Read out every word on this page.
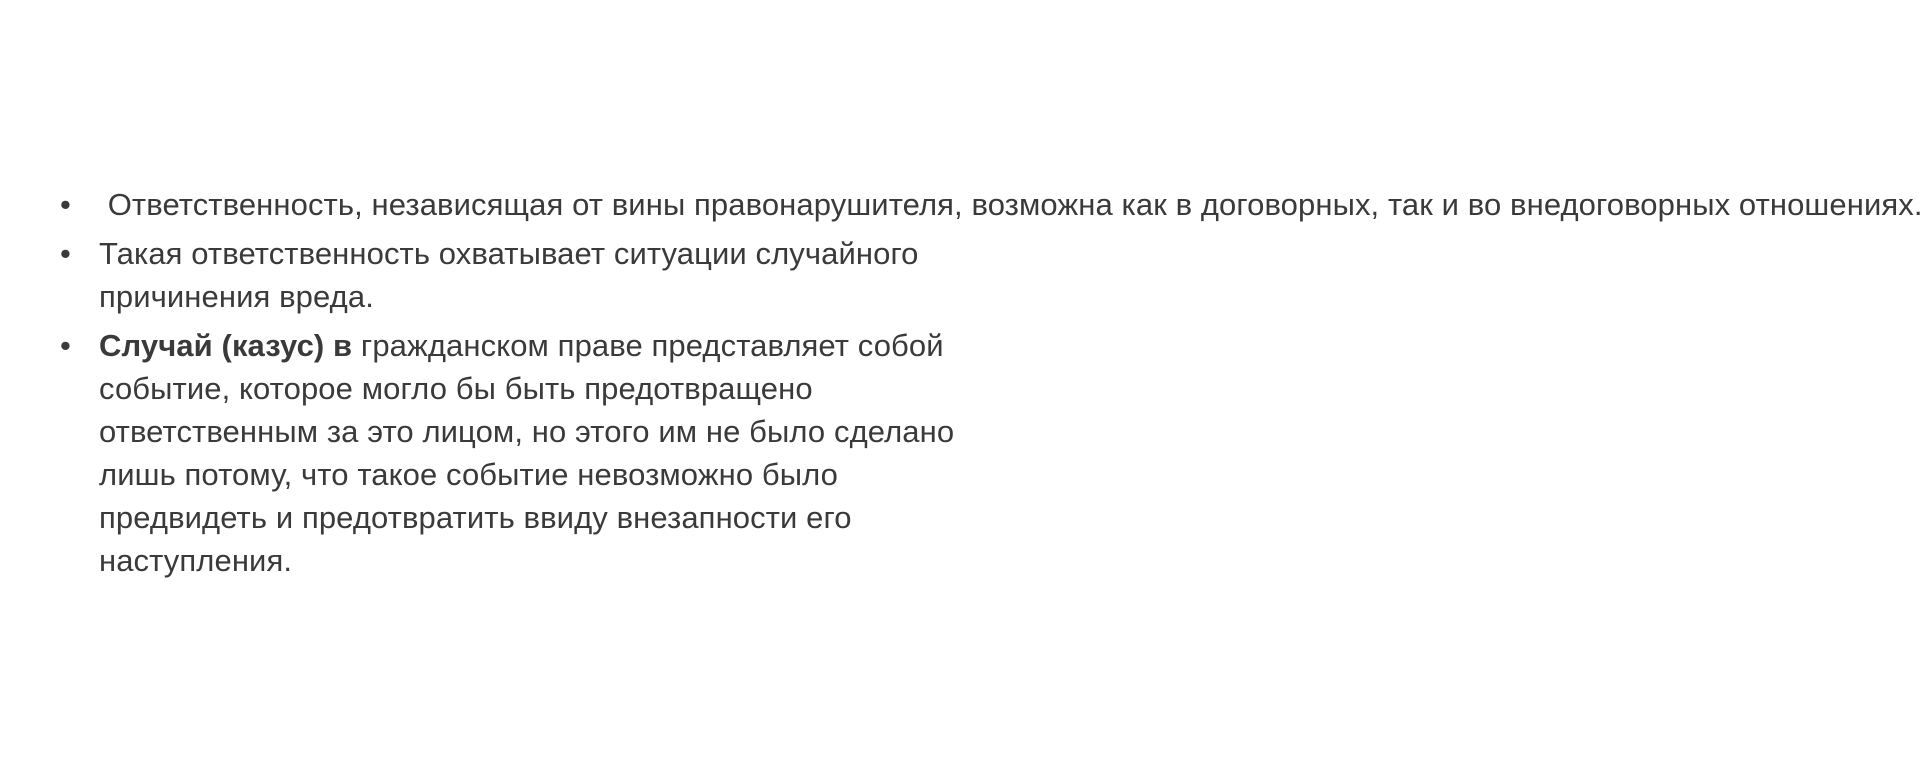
• Ответственность, независящая от вины правонарушителя, возможна как в договорных, так и во внедоговорных отношениях.
• Такая ответственность охватывает ситуации случайного причинения вреда.
• Случай (казус) в гражданском праве представляет собой событие, которое могло бы быть предотвращено ответственным за это лицом, но этого им не было сделано лишь потому, что такое событие невозможно было предвидеть и предотвратить ввиду внезапности его наступления.
